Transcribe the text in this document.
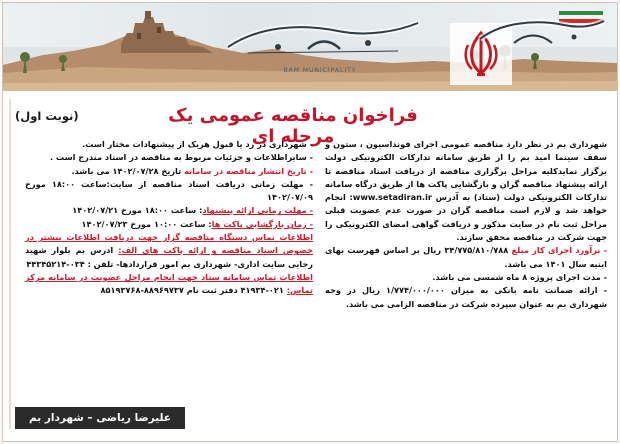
BAM MUNICIPALITY
فراخوان مناقصه عمومی یک مرحله ای
(نوبت اول)

شهرداری بم در نظر دارد مناقصه عمومی اجرای فونداسیون ، ستون و سقف سینما امید بم را از طریق سامانه تدارکات الکترونیکی دولت برگزار نمایدکلیه مراحل برگزاری مناقصه از دریافت اسناد مناقصه تا ارائه پیشنهاد مناقصه گران و بازگشایی پاکت ها از طریق درگاه سامانه تدارکات الکترونیکی دولت (ستاد) به آدرس www.setadiran.ir: انجام خواهد شد و لازم است مناقصه گران در صورت عدم عضویت قبلی مراحل ثبت نام در سایت مذکور و دریافت گواهی امضای الکترونیکی را جهت شرکت در مناقصه محقق سازند.

- برآورد اجرای کار مبلغ ۳۴/۷۷۵/۸۱۰/۷۸۸ ریال بر اساس فهرست بهای ابنیه سال ۱۴۰۱ می باشد.

- مدت اجرای پروژه ۸ ماه شمسی می باشد.

- ارائه ضمانت نامه بانکی به میزان ۱/۷۷۴/۰۰۰/۰۰۰ ریال در وجه شهرداری بم به عنوان سپرده شرکت در مناقصه الزامی می باشد.

- شهرداری در رد یا قبول هریک از پیشنهادات مختار است.

- سایراطلاعات و جزئیات مربوط به مناقصه در اسناد مندرج است .

- تاریخ انتشار مناقصه در سامانه تاریخ ۱۴۰۲/۰۷/۲۸ می باشد.

- مهلت زمانی دریافت اسناد مناقصه از سایت:ساعت ۱۸:۰۰ مورخ ۱۴۰۲/۰۷/۰۹

- مهلت زمانی ارائه پیشنهاد: ساعت ۱۸:۰۰ مورخ ۱۴۰۲/۰۷/۲۱

- زمان بازگشایی پاکت ها: ساعت ۱۰:۰۰ مورخ ۱۴۰۲/۰۷/۲۳

اطلاعات تماس دستگاه مناقصه گزار جهت دریافت اطلاعات بیشتر در خصوص اسناد مناقصه و ارائه پاکت های الف: ادرس بم بلوار شهید رجایی سایت اداری- شهرداری بم امور قراردادها- تلفن : ۰۳۴-۴۴۳۴۵۲۱۴

اطلاعات تماس سامانه ستاد جهت انجام مراحل عضویت در سامانه مرکز تماس: ۰۲۱-۴۱۹۳۴ دفتر ثبت نام ۸۸۹۶۹۷۳۷-۸۵۱۹۳۷۶۸

علیرضا ریاضی – شهردار بم
